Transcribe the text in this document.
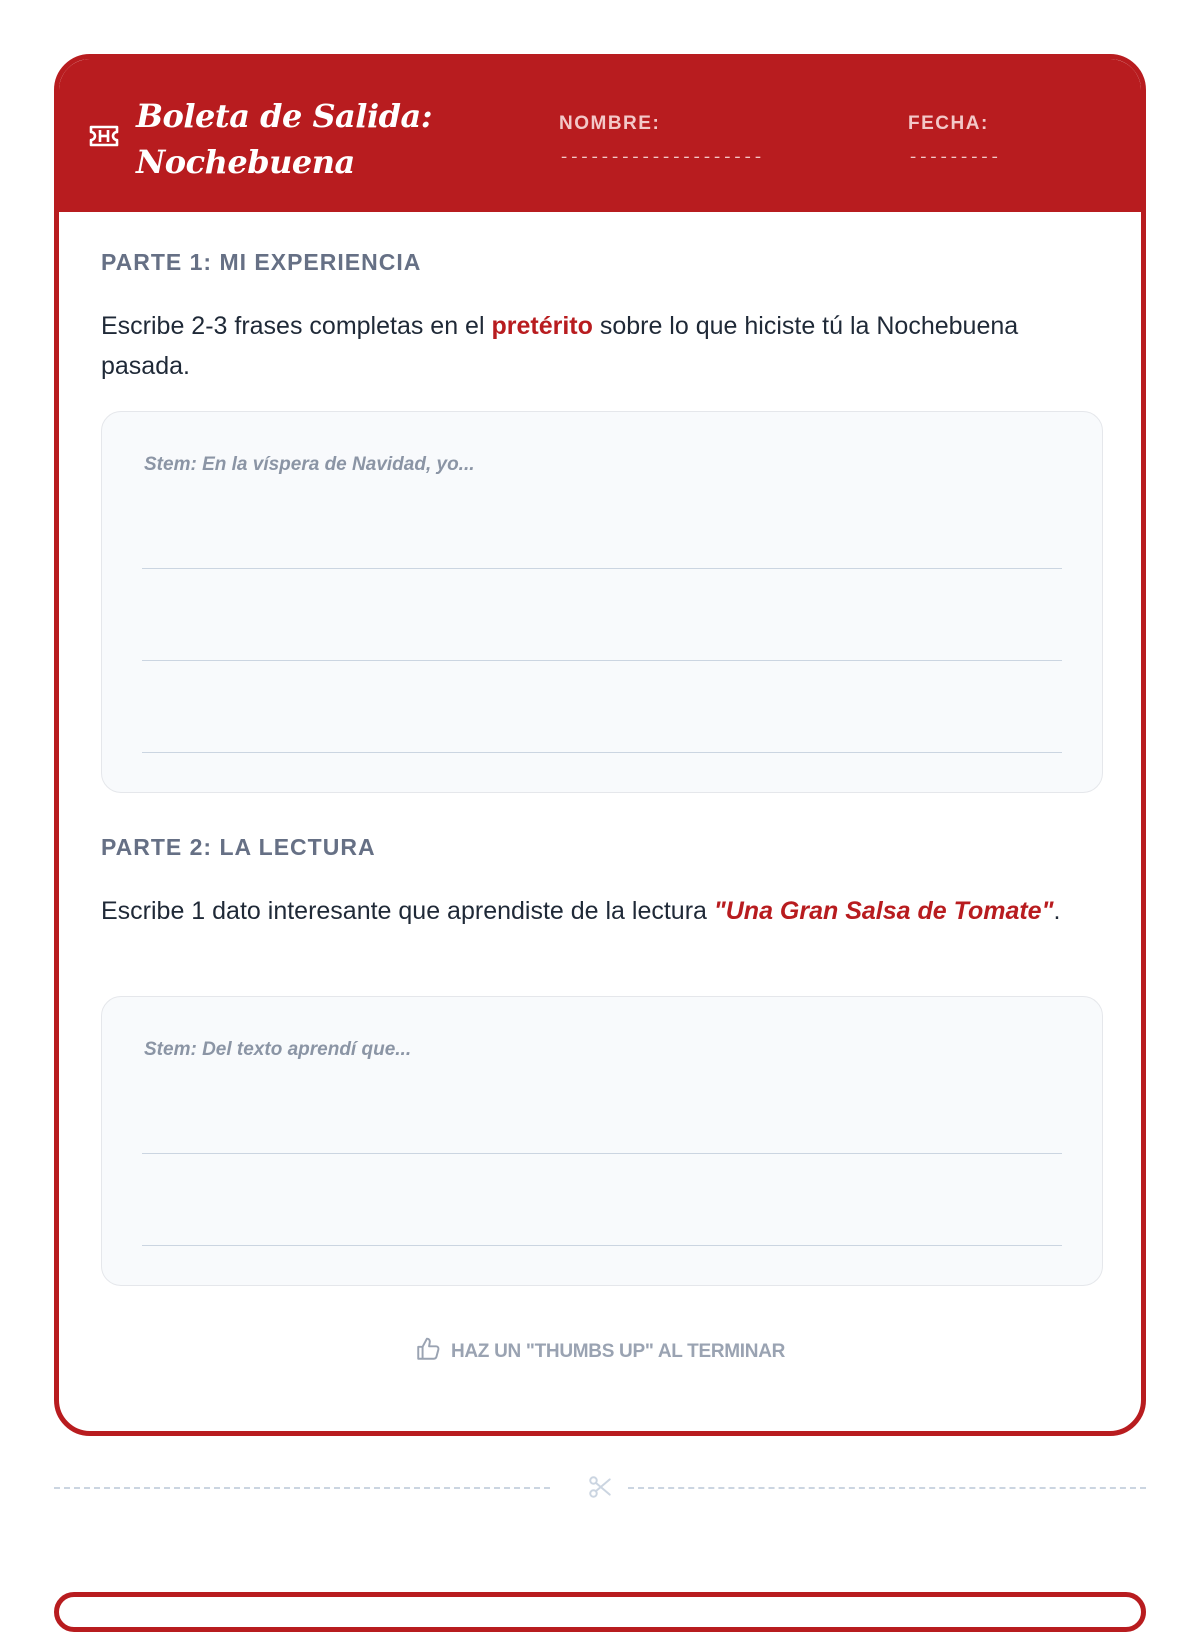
Boleta de Salida:
Nochebuena
NOMBRE:
--------------------
FECHA:
---------
PARTE 1: MI EXPERIENCIA
Escribe 2-3 frases completas en el pretérito sobre lo que hiciste tú la Nochebuena pasada.
Stem: En la víspera de Navidad, yo...
PARTE 2: LA LECTURA
Escribe 1 dato interesante que aprendiste de la lectura "Una Gran Salsa de Tomate".
Stem: Del texto aprendí que...
HAZ UN "THUMBS UP" AL TERMINAR
